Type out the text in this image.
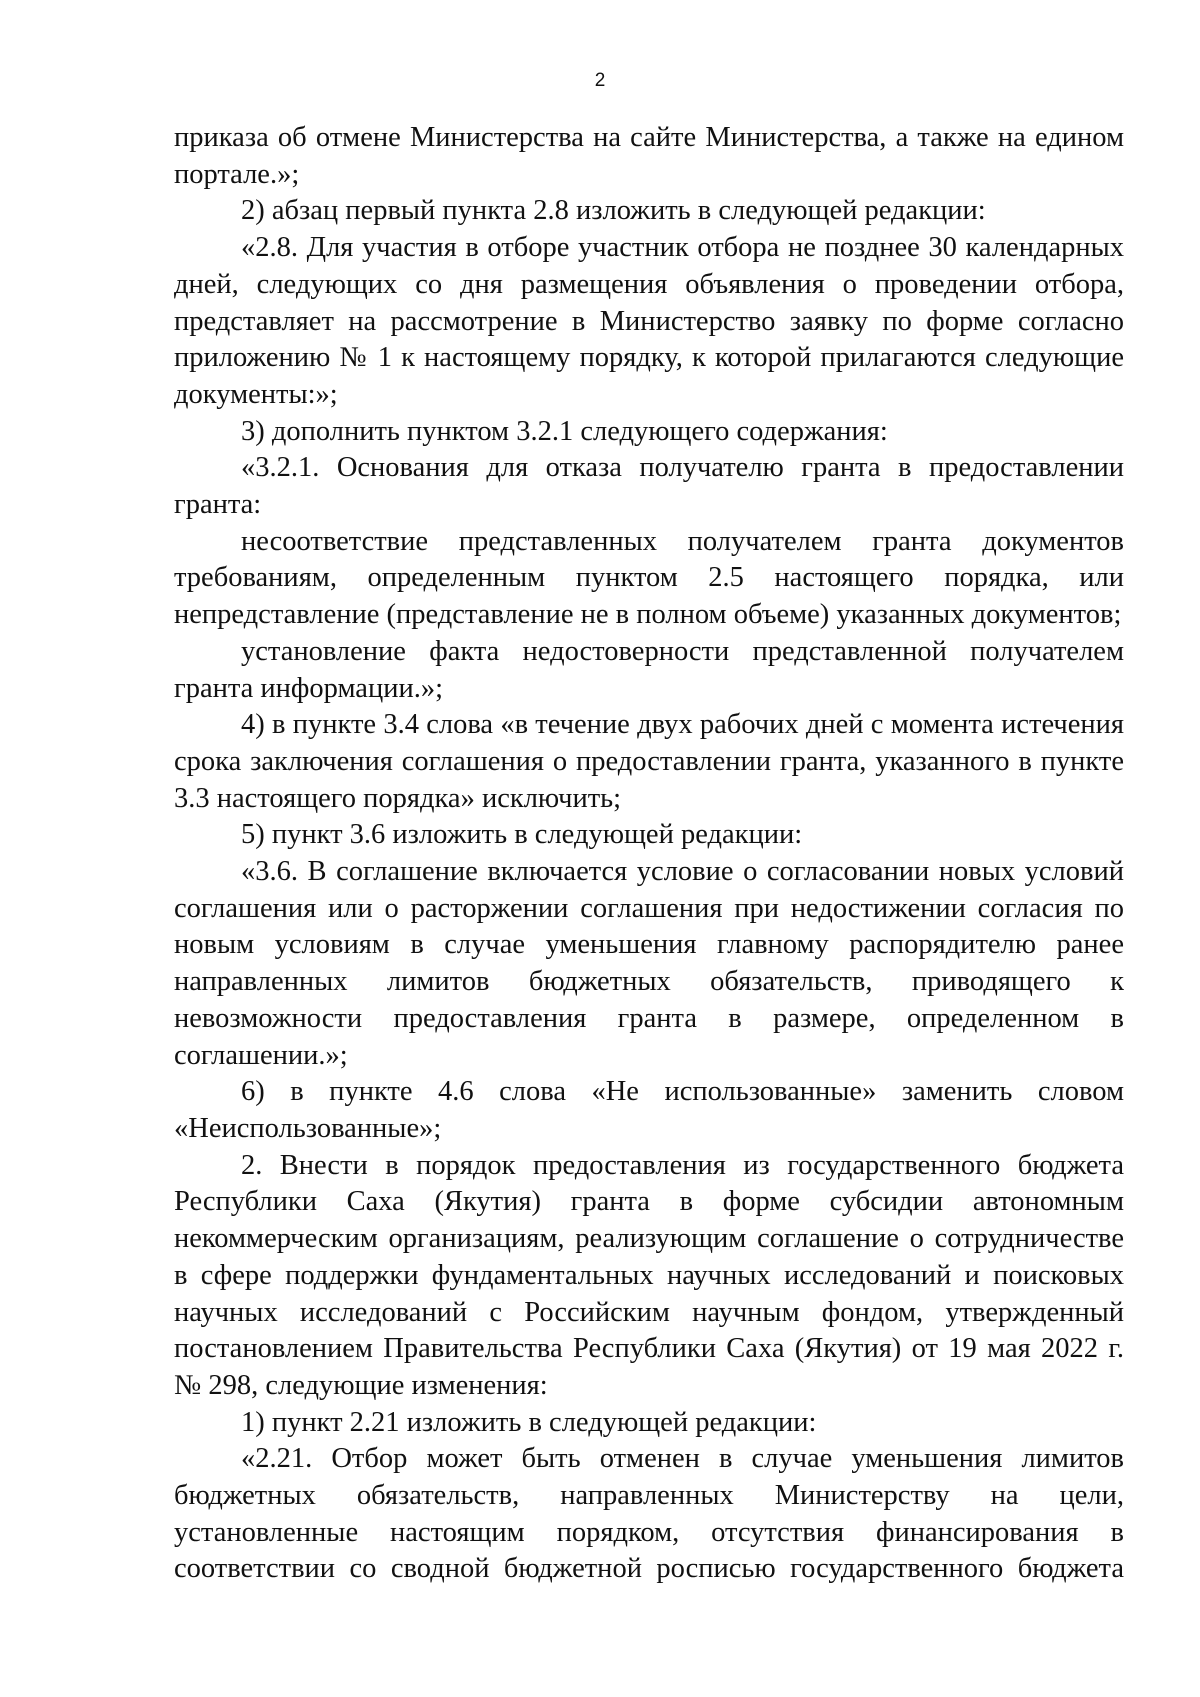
2

приказа об отмене Министерства на сайте Министерства, а также на едином портале.»;

2) абзац первый пункта 2.8 изложить в следующей редакции:

«2.8. Для участия в отборе участник отбора не позднее 30 календарных дней, следующих со дня размещения объявления о проведении отбора, представляет на рассмотрение в Министерство заявку по форме согласно приложению № 1 к настоящему порядку, к которой прилагаются следующие документы:»;

3) дополнить пунктом 3.2.1 следующего содержания:

«3.2.1. Основания для отказа получателю гранта в предоставлении гранта:

несоответствие представленных получателем гранта документов требованиям, определенным пунктом 2.5 настоящего порядка, или непредставление (представление не в полном объеме) указанных документов;

установление факта недостоверности представленной получателем гранта информации.»;

4) в пункте 3.4 слова «в течение двух рабочих дней с момента истечения срока заключения соглашения о предоставлении гранта, указанного в пункте 3.3 настоящего порядка» исключить;

5) пункт 3.6 изложить в следующей редакции:

«3.6. В соглашение включается условие о согласовании новых условий соглашения или о расторжении соглашения при недостижении согласия по новым условиям в случае уменьшения главному распорядителю ранее направленных лимитов бюджетных обязательств, приводящего к невозможности предоставления гранта в размере, определенном в соглашении.»;

6) в пункте 4.6 слова «Не использованные» заменить словом «Неиспользованные»;

2. Внести в порядок предоставления из государственного бюджета Республики Саха (Якутия) гранта в форме субсидии автономным некоммерческим организациям, реализующим соглашение о сотрудничестве в сфере поддержки фундаментальных научных исследований и поисковых научных исследований с Российским научным фондом, утвержденный постановлением Правительства Республики Саха (Якутия) от 19 мая 2022 г. № 298, следующие изменения:

1) пункт 2.21 изложить в следующей редакции:

«2.21. Отбор может быть отменен в случае уменьшения лимитов бюджетных обязательств, направленных Министерству на цели, установленные настоящим порядком, отсутствия финансирования в соответствии со сводной бюджетной росписью государственного бюджета
